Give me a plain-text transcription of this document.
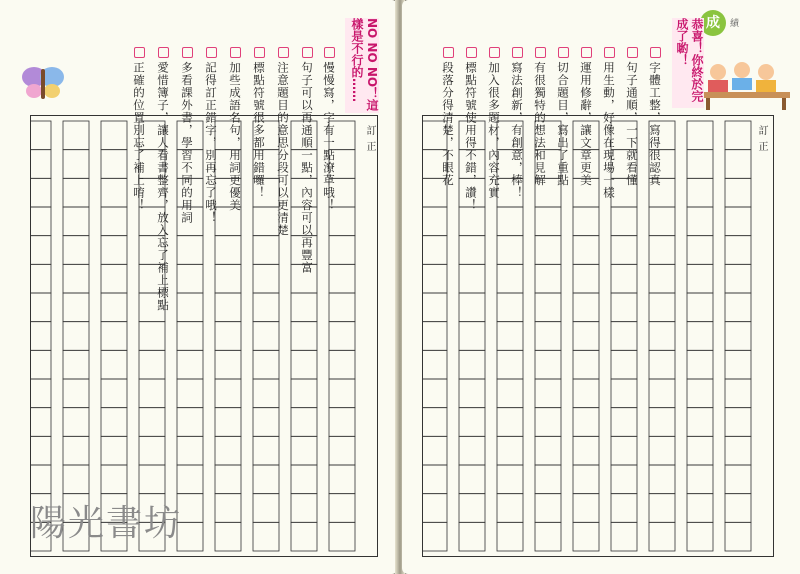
慢慢寫，字有一點潦草哦！

句子可以再通順一點，內容可以再豐富

注意題目的意思分段可以更清楚

標點符號很多都用錯囉！

加些成語名句，用詞更優美

記得訂正錯字，別再忘了哦！

多看課外書，學習不同的用詞

愛惜簿子，讓人看書整齊，放入忘了補上標點

正確的位置別忘了補上唷！	NO NO NO！這樣是不行的……
訂正
陽光書坊
成	績
恭喜！你終於完成了喲！

字體工整，寫得很認真

句子通順，一下就看懂

用生動，好像在現場一樣

運用修辭，讓文章更美

切合題目，寫出了重點

有很獨特的想法和見解

寫法創新，有創意，棒！

加入很多題材，內容充實

標點符號使用得不錯，讚！

段落分得清楚，不眼花	訂正
